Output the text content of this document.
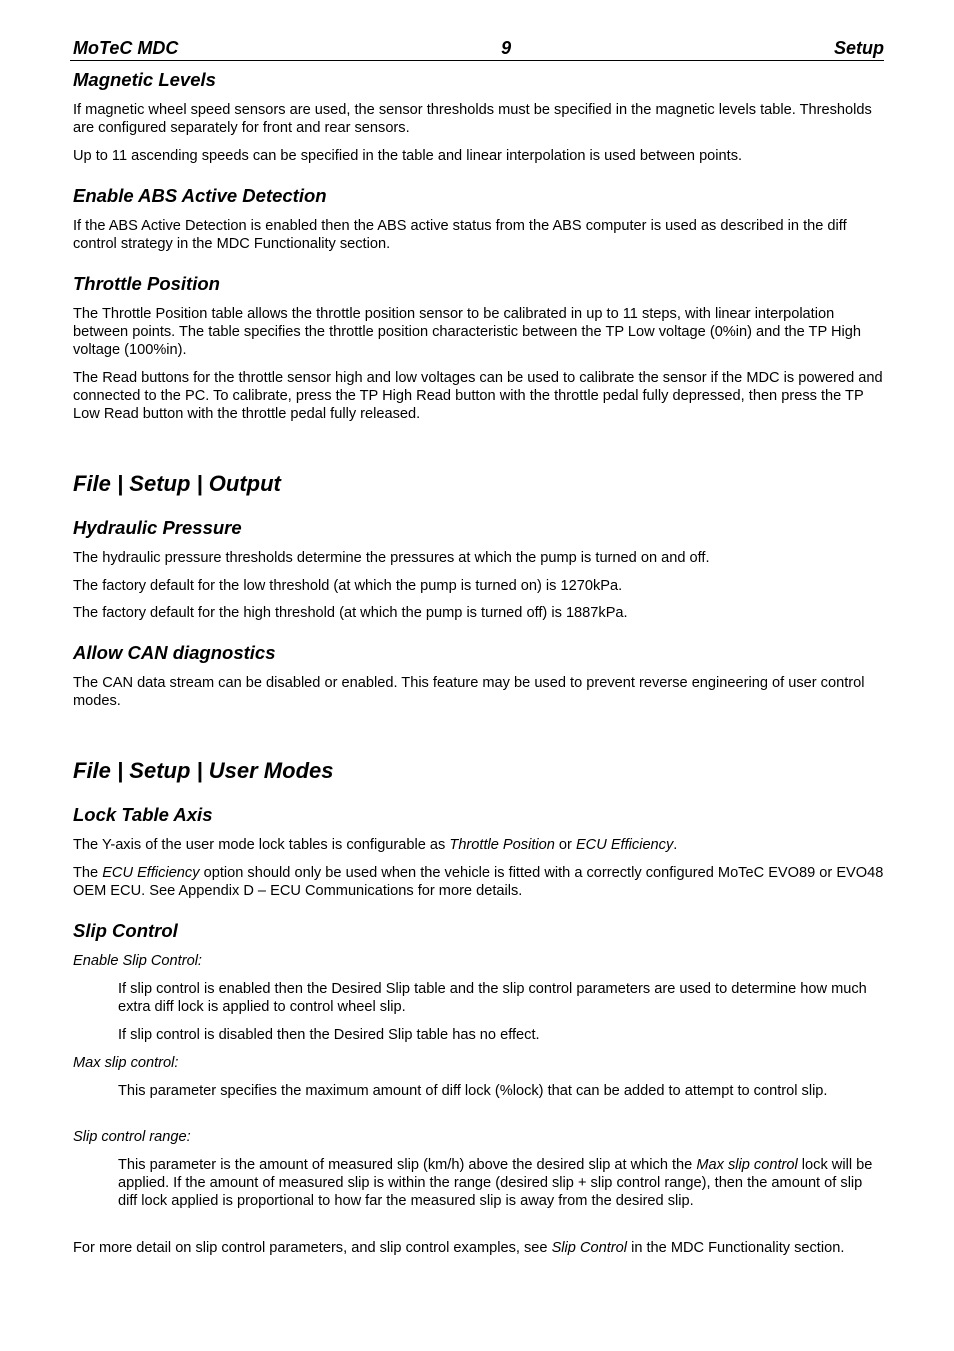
MoTeC MDC	9	Setup
Magnetic Levels

If magnetic wheel speed sensors are used, the sensor thresholds must be specified in the magnetic levels table. Thresholds are configured separately for front and rear sensors.

Up to 11 ascending speeds can be specified in the table and linear interpolation is used between points.

Enable ABS Active Detection

If the ABS Active Detection is enabled then the ABS active status from the ABS computer is used as described in the diff control strategy in the MDC Functionality section.

Throttle Position

The Throttle Position table allows the throttle position sensor to be calibrated in up to 11 steps, with linear interpolation between points. The table specifies the throttle position characteristic between the TP Low voltage (0%in) and the TP High voltage (100%in).

The Read buttons for the throttle sensor high and low voltages can be used to calibrate the sensor if the MDC is powered and connected to the PC. To calibrate, press the TP High Read button with the throttle pedal fully depressed, then press the TP Low Read button with the throttle pedal fully released.

File | Setup | Output
Hydraulic Pressure

The hydraulic pressure thresholds determine the pressures at which the pump is turned on and off.

The factory default for the low threshold (at which the pump is turned on) is 1270kPa.

The factory default for the high threshold (at which the pump is turned off) is 1887kPa.

Allow CAN diagnostics

The CAN data stream can be disabled or enabled. This feature may be used to prevent reverse engineering of user control modes.

File | Setup | User Modes
Lock Table Axis

The Y-axis of the user mode lock tables is configurable as Throttle Position or ECU Efficiency.

The ECU Efficiency option should only be used when the vehicle is fitted with a correctly configured MoTeC EVO89 or EVO48 OEM ECU. See Appendix D – ECU Communications for more details.

Slip Control

Enable Slip Control:

If slip control is enabled then the Desired Slip table and the slip control parameters are used to determine how much extra diff lock is applied to control wheel slip.

If slip control is disabled then the Desired Slip table has no effect.

Max slip control:

This parameter specifies the maximum amount of diff lock (%lock) that can be added to attempt to control slip.

Slip control range:

This parameter is the amount of measured slip (km/h) above the desired slip at which the Max slip control lock will be applied. If the amount of measured slip is within the range (desired slip + slip control range), then the amount of slip diff lock applied is proportional to how far the measured slip is away from the desired slip.

For more detail on slip control parameters, and slip control examples, see Slip Control in the MDC Functionality section.
